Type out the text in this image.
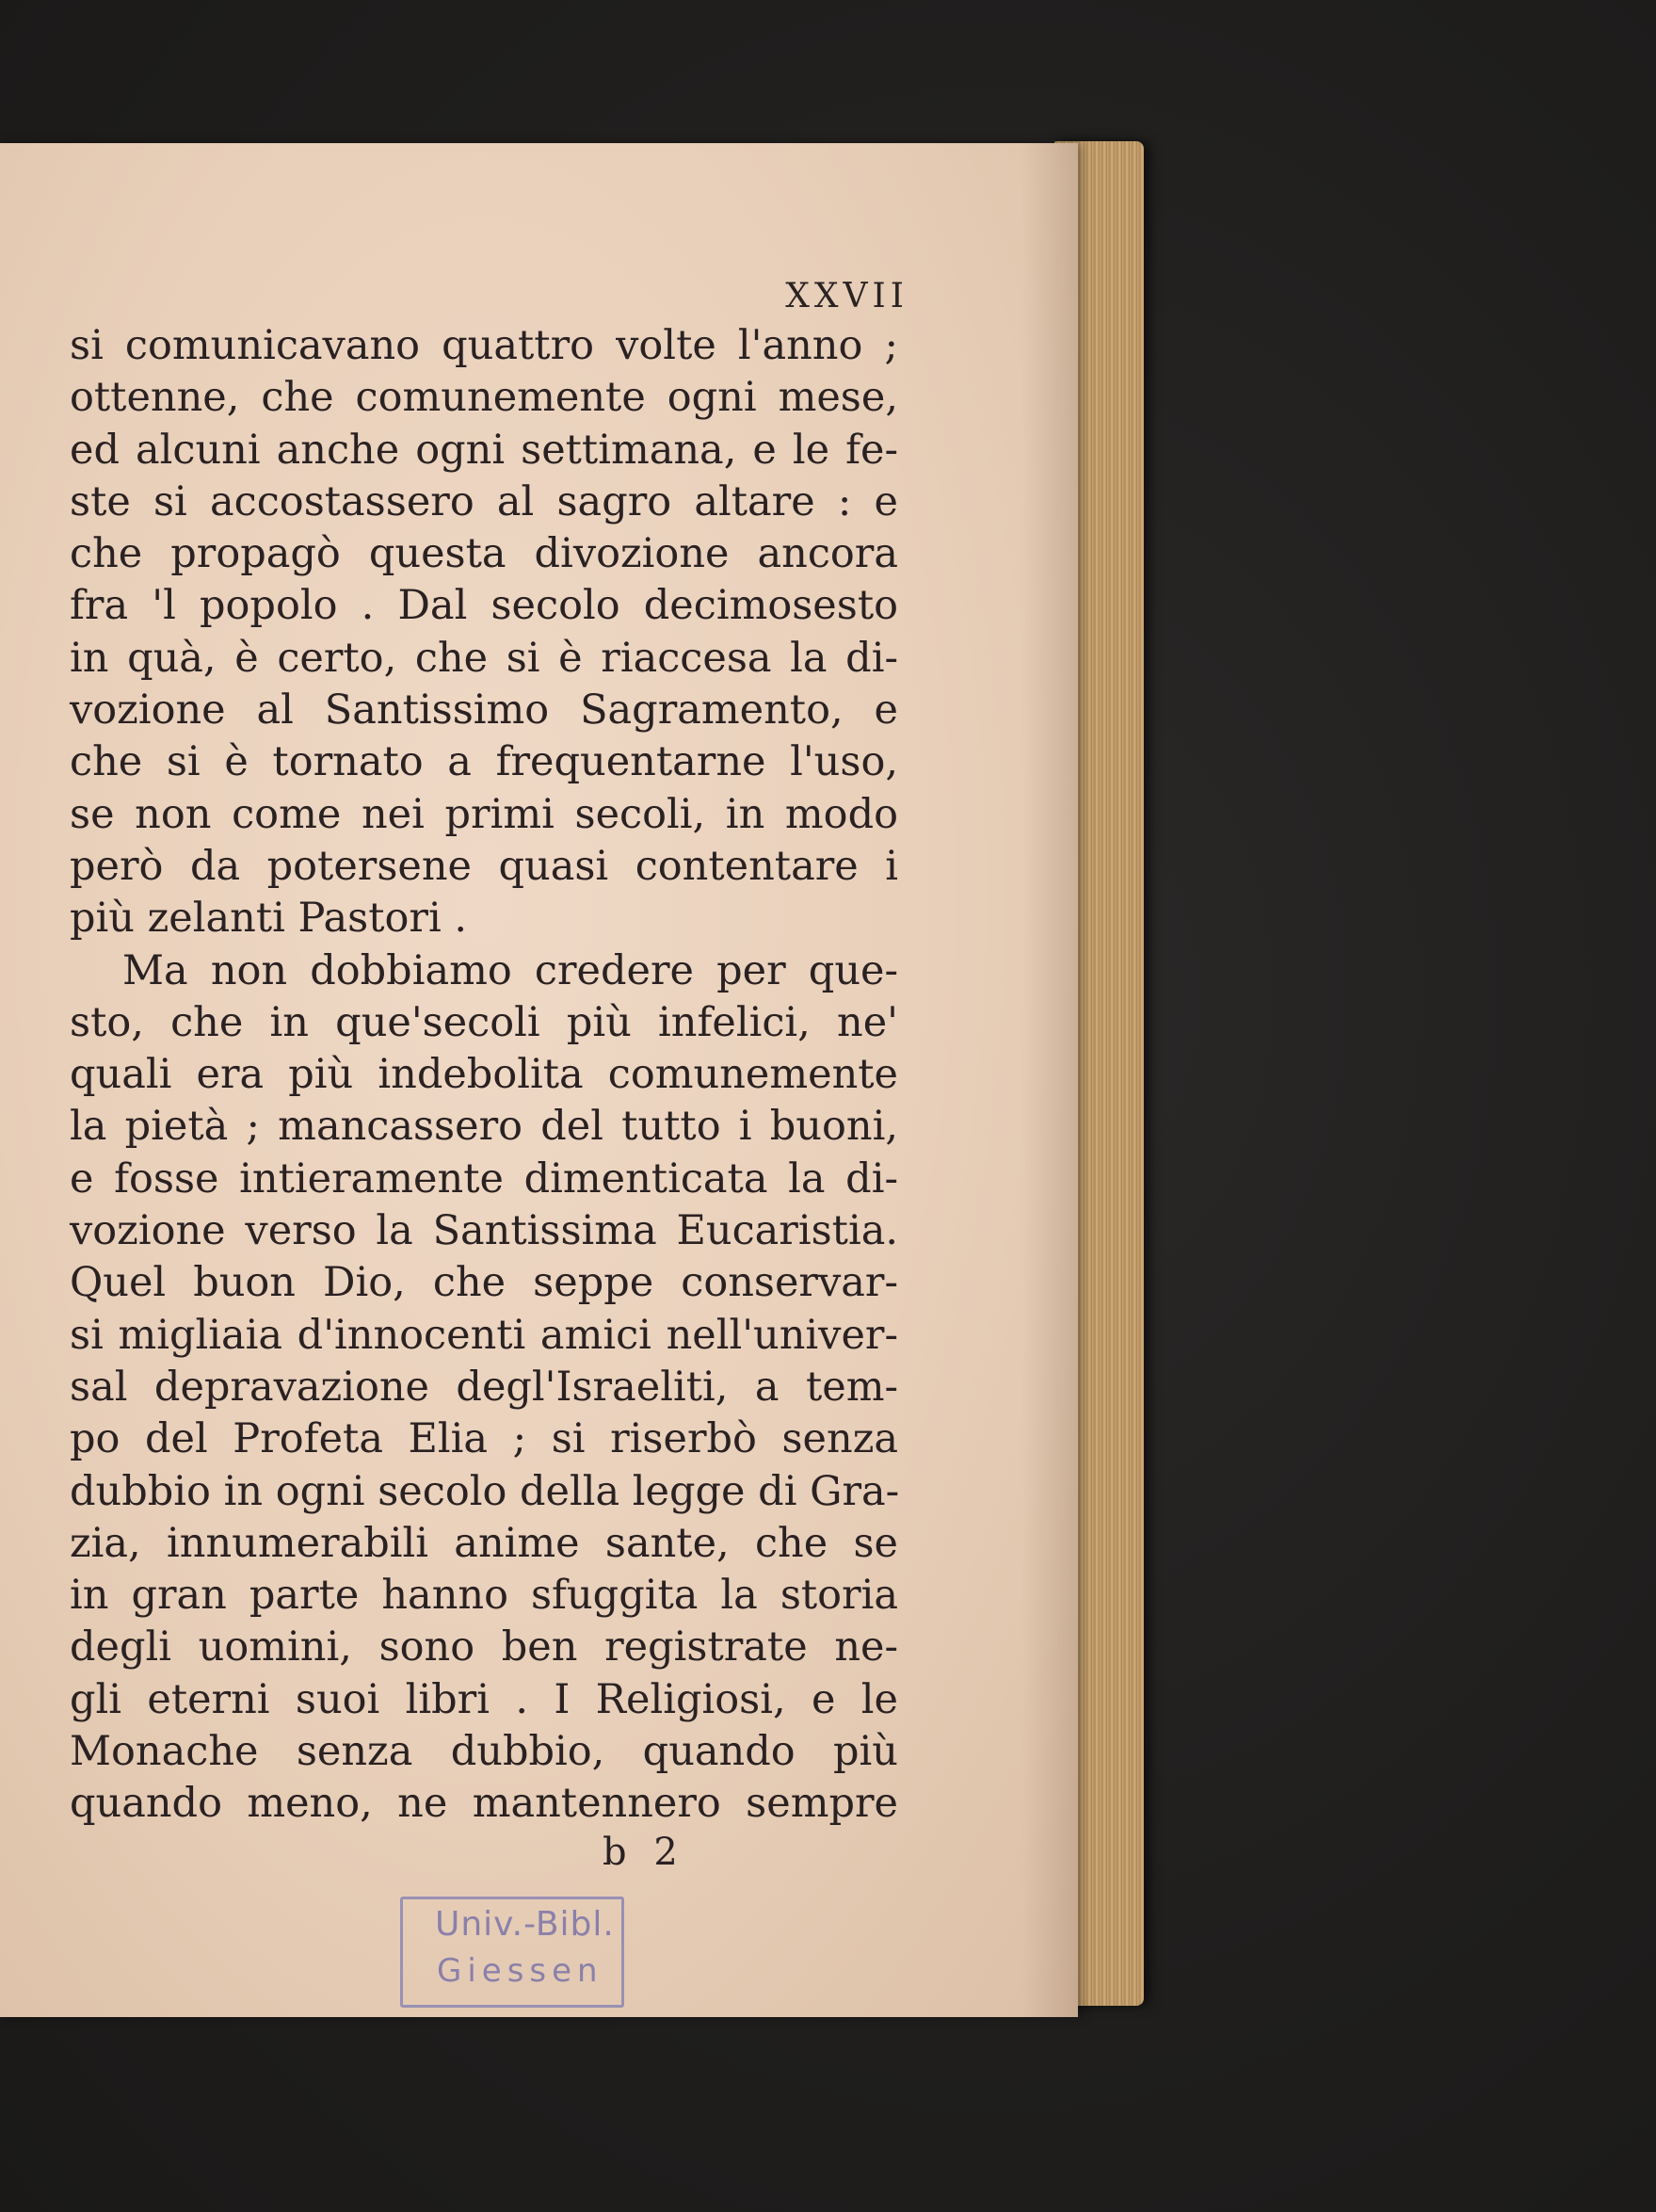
XXVII
si comunicavano quattro volte l'anno ;
ottenne, che comunemente ogni mese,
ed alcuni anche ogni settimana, e le fe-
ste si accostassero al sagro altare : e
che propagò questa divozione ancora
fra 'l popolo . Dal secolo decimosesto
in quà, è certo, che si è riaccesa la di-
vozione al Santissimo Sagramento, e
che si è tornato a frequentarne l'uso,
se non come nei primi secoli, in modo
però da potersene quasi contentare i
più zelanti Pastori .
Ma non dobbiamo credere per que-
sto, che in que'secoli più infelici, ne'
quali era più indebolita comunemente
la pietà ; mancassero del tutto i buoni,
e fosse intieramente dimenticata la di-
vozione verso la Santissima Eucaristia.
Quel buon Dio, che seppe conservar-
si migliaia d'innocenti amici nell'univer-
sal depravazione degl'Israeliti, a tem-
po del Profeta Elia ; si riserbò senza
dubbio in ogni secolo della legge di Gra-
zia, innumerabili anime sante, che se
in gran parte hanno sfuggita la storia
degli uomini, sono ben registrate ne-
gli eterni suoi libri . I Religiosi, e le
Monache senza dubbio, quando più
quando meno, ne mantennero sempre
b 2
Univ.-Bibl.
Giessen
